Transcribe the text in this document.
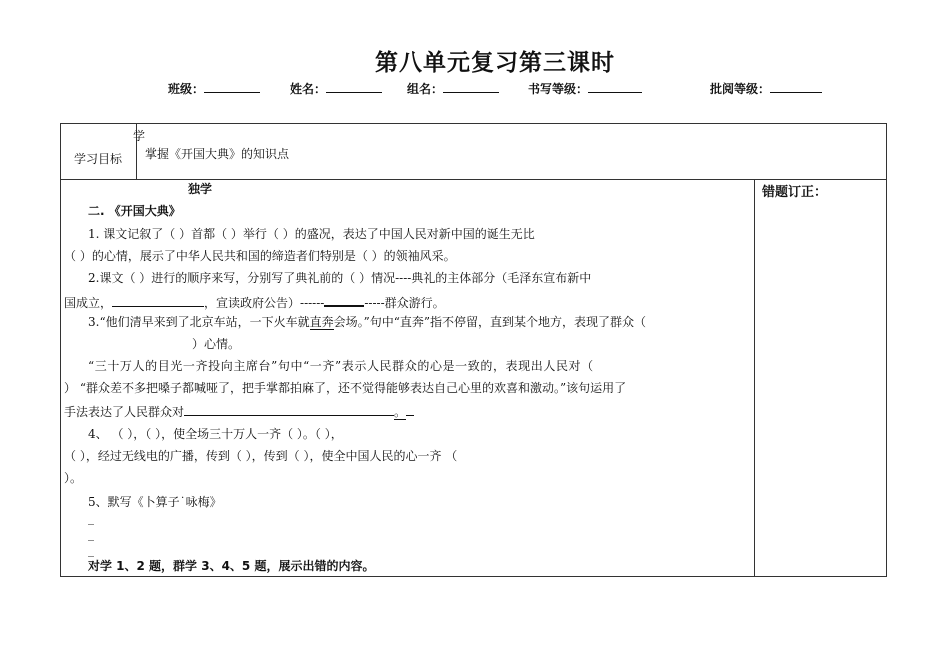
第八单元复习第三课时
班级：	姓名：	组名：	书写等级：	批阅等级：
学习目标
学
掌握《开国大典》的知识点
错题订正：
独学
二. 《开国大典》
1. 课文记叙了（ ）首都（ ）举行（ ）的盛况，表达了中国人民对新中国的诞生无比
（ ）的心情，展示了中华人民共和国的缔造者们特别是（ ）的领袖风采。
2.课文（ ）进行的顺序来写，分别写了典礼前的（ ）情况----典礼的主体部分（毛泽东宣布新中
国成立，	，宣读政府公告）------	-----群众游行。
3.“他们清早来到了北京车站，一下火车就直奔会场。”句中“直奔”指不停留，直到某个地方，表现了群众（
）心情。
“三十万人的目光一齐投向主席台”句中“一齐”表示人民群众的心是一致的，表现出人民对（
） “群众差不多把嗓子都喊哑了，把手掌都拍麻了，还不觉得能够表达自己心里的欢喜和激动。”该句运用了
手法表达了人民群众对	。
4、 （ ），（ ），使全场三十万人一齐（ ）。（ ），
（ ），经过无线电的广播，传到（ ），传到（ ），使全中国人民的心一齐 （
）。
5、默写《卜算子˙咏梅》
_
_
_
对学 1、2 题，群学 3、4、5 题，展示出错的内容。
